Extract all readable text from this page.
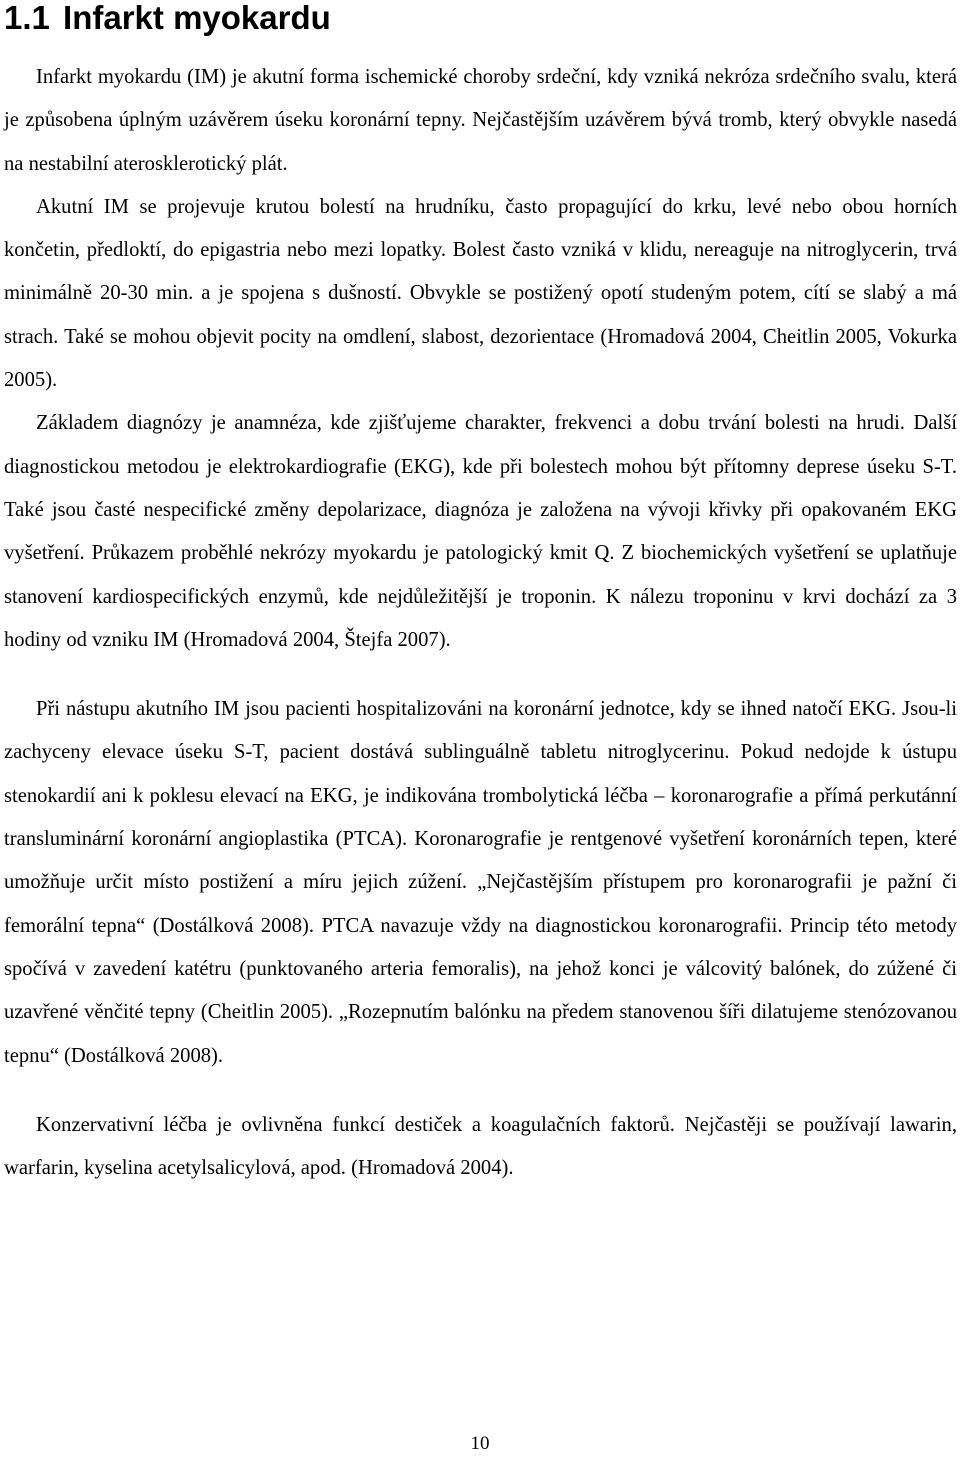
1.1 Infarkt myokardu

Infarkt myokardu (IM) je akutní forma ischemické choroby srdeční, kdy vzniká nekróza srdečního svalu, která je způsobena úplným uzávěrem úseku koronární tepny. Nejčastějším uzávěrem bývá tromb, který obvykle nasedá na nestabilní aterosklerotický plát.

Akutní IM se projevuje krutou bolestí na hrudníku, často propagující do krku, levé nebo obou horních končetin, předloktí, do epigastria nebo mezi lopatky. Bolest často vzniká v klidu, nereaguje na nitroglycerin, trvá minimálně 20-30 min. a je spojena s dušností. Obvykle se postižený opotí studeným potem, cítí se slabý a má strach. Také se mohou objevit pocity na omdlení, slabost, dezorientace (Hromadová 2004, Cheitlin 2005, Vokurka 2005).

Základem diagnózy je anamnéza, kde zjišťujeme charakter, frekvenci a dobu trvání bolesti na hrudi. Další diagnostickou metodou je elektrokardiografie (EKG), kde při bolestech mohou být přítomny deprese úseku S-T. Také jsou časté nespecifické změny depolarizace, diagnóza je založena na vývoji křivky při opakovaném EKG vyšetření. Průkazem proběhlé nekrózy myokardu je patologický kmit Q. Z biochemických vyšetření se uplatňuje stanovení kardiospecifických enzymů, kde nejdůležitější je troponin. K nálezu troponinu v krvi dochází za 3 hodiny od vzniku IM (Hromadová 2004, Štejfa 2007).

Při nástupu akutního IM jsou pacienti hospitalizováni na koronární jednotce, kdy se ihned natočí EKG. Jsou-li zachyceny elevace úseku S-T, pacient dostává sublinguálně tabletu nitroglycerinu. Pokud nedojde k ústupu stenokardií ani k poklesu elevací na EKG, je indikována trombolytická léčba – koronarografie a přímá perkutánní transluminární koronární angioplastika (PTCA). Koronarografie je rentgenové vyšetření koronárních tepen, které umožňuje určit místo postižení a míru jejich zúžení. „Nejčastějším přístupem pro koronarografii je pažní či femorální tepna“ (Dostálková 2008). PTCA navazuje vždy na diagnostickou koronarografii. Princip této metody spočívá v zavedení katétru (punktovaného arteria femoralis), na jehož konci je válcovitý balónek, do zúžené či uzavřené věnčité tepny (Cheitlin 2005). „Rozepnutím balónku na předem stanovenou šíři dilatujeme stenózovanou tepnu“ (Dostálková 2008).

Konzervativní léčba je ovlivněna funkcí destiček a koagulačních faktorů. Nejčastěji se používají lawarin, warfarin, kyselina acetylsalicylová, apod. (Hromadová 2004).

10
